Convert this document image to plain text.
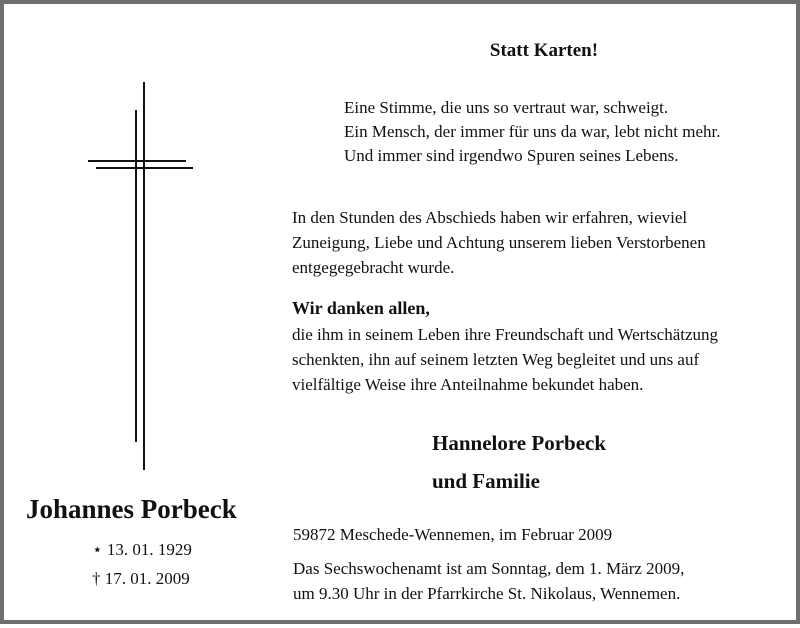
Statt Karten!
Eine Stimme, die uns so vertraut war, schweigt.
Ein Mensch, der immer für uns da war, lebt nicht mehr.
Und immer sind irgendwo Spuren seines Lebens.
In den Stunden des Abschieds haben wir erfahren, wieviel
Zuneigung, Liebe und Achtung unserem lieben Verstorbenen
entgegegebracht wurde.
Wir danken allen,
die ihm in seinem Leben ihre Freundschaft und Wertschätzung
schenkten, ihn auf seinem letzten Weg begleitet und uns auf
vielfältige Weise ihre Anteilnahme bekundet haben.
Hannelore Porbeck
und Familie
59872 Meschede-Wennemen, im Februar 2009
Das Sechswochenamt ist am Sonntag, dem 1. März 2009,
um 9.30 Uhr in der Pfarrkirche St. Nikolaus, Wennemen.
Johannes Porbeck
⋆ 13. 01. 1929
† 17. 01. 2009
